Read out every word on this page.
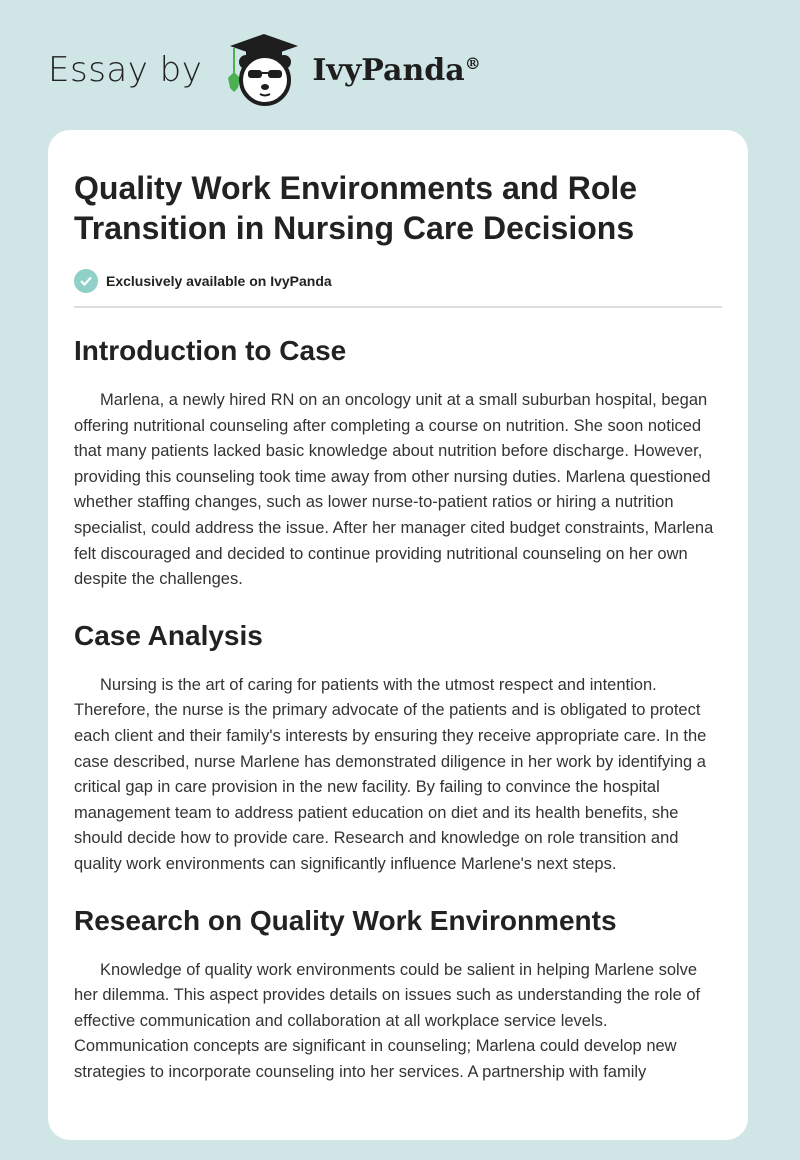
Essay by	IvyPanda®
Quality Work Environments and Role Transition in Nursing Care Decisions
Exclusively available on IvyPanda
Introduction to Case

Marlena, a newly hired RN on an oncology unit at a small suburban hospital, began offering nutritional counseling after completing a course on nutrition. She soon noticed that many patients lacked basic knowledge about nutrition before discharge. However, providing this counseling took time away from other nursing duties. Marlena questioned whether staffing changes, such as lower nurse-to-patient ratios or hiring a nutrition specialist, could address the issue. After her manager cited budget constraints, Marlena felt discouraged and decided to continue providing nutritional counseling on her own despite the challenges.

Case Analysis

Nursing is the art of caring for patients with the utmost respect and intention. Therefore, the nurse is the primary advocate of the patients and is obligated to protect each client and their family's interests by ensuring they receive appropriate care. In the case described, nurse Marlene has demonstrated diligence in her work by identifying a critical gap in care provision in the new facility. By failing to convince the hospital management team to address patient education on diet and its health benefits, she should decide how to provide care. Research and knowledge on role transition and quality work environments can significantly influence Marlene's next steps.

Research on Quality Work Environments

Knowledge of quality work environments could be salient in helping Marlene solve her dilemma. This aspect provides details on issues such as understanding the role of effective communication and collaboration at all workplace service levels. Communication concepts are significant in counseling; Marlena could develop new strategies to incorporate counseling into her services. A partnership with family
